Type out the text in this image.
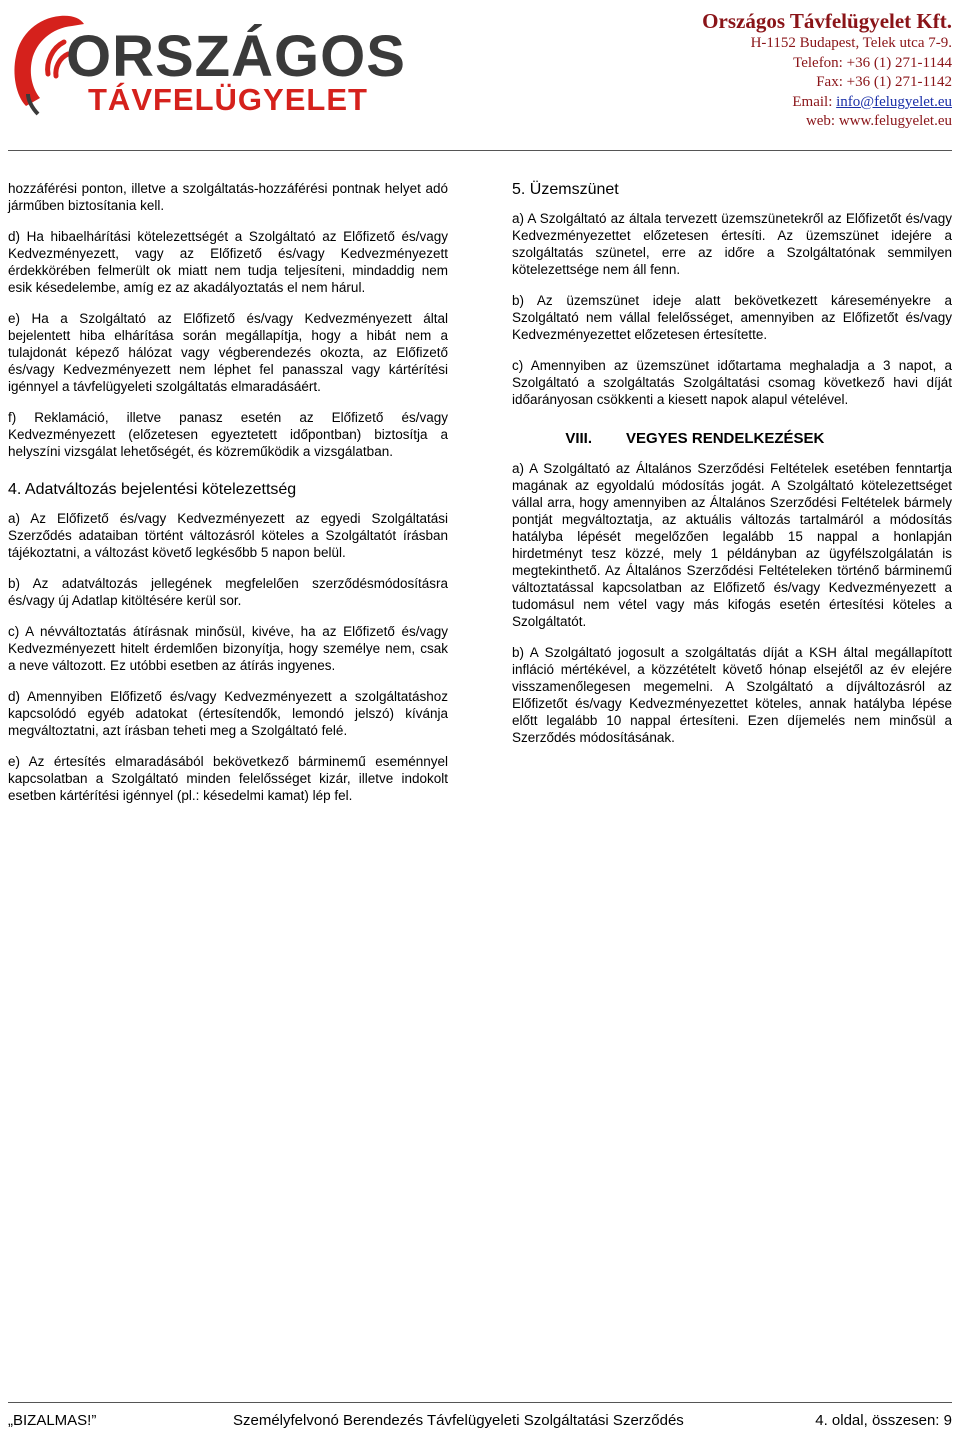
ORSZÁGOS
TÁVFELÜGYELET
Országos Távfelügyelet Kft.
H-1152 Budapest, Telek utca 7-9.
Telefon: +36 (1) 271-1144
Fax: +36 (1) 271-1142
Email: info@felugyelet.eu
web: www.felugyelet.eu

hozzáférési ponton, illetve a szolgáltatás-hozzáférési pontnak helyet adó járműben biztosítania kell.

d) Ha hibaelhárítási kötelezettségét a Szolgáltató az Előfizető és/vagy Kedvezményezett, vagy az Előfizető és/vagy Kedvezményezett érdekkörében felmerült ok miatt nem tudja teljesíteni, mindaddig nem esik késedelembe, amíg ez az akadályoztatás el nem hárul.

e) Ha a Szolgáltató az Előfizető és/vagy Kedvezményezett által bejelentett hiba elhárítása során megállapítja, hogy a hibát nem a tulajdonát képező hálózat vagy végberendezés okozta, az Előfizető és/vagy Kedvezményezett nem léphet fel panasszal vagy kártérítési igénnyel a távfelügyeleti szolgáltatás elmaradásáért.

f) Reklamáció, illetve panasz esetén az Előfizető és/vagy Kedvezményezett (előzetesen egyeztetett időpontban) biztosítja a helyszíni vizsgálat lehetőségét, és közreműködik a vizsgálatban.

4. Adatváltozás bejelentési kötelezettség

a) Az Előfizető és/vagy Kedvezményezett az egyedi Szolgáltatási Szerződés adataiban történt változásról köteles a Szolgáltatót írásban tájékoztatni, a változást követő legkésőbb 5 napon belül.

b) Az adatváltozás jellegének megfelelően szerződésmódosításra és/vagy új Adatlap kitöltésére kerül sor.

c) A névváltoztatás átírásnak minősül, kivéve, ha az Előfizető és/vagy Kedvezményezett hitelt érdemlően bizonyítja, hogy személye nem, csak a neve változott. Ez utóbbi esetben az átírás ingyenes.

d) Amennyiben Előfizető és/vagy Kedvezményezett a szolgáltatáshoz kapcsolódó egyéb adatokat (értesítendők, lemondó jelszó) kívánja megváltoztatni, azt írásban teheti meg a Szolgáltató felé.

e) Az értesítés elmaradásából bekövetkező bárminemű eseménnyel kapcsolatban a Szolgáltató minden felelősséget kizár, illetve indokolt esetben kártérítési igénnyel (pl.: késedelmi kamat) lép fel.

5. Üzemszünet

a) A Szolgáltató az általa tervezett üzemszünetekről az Előfizetőt és/vagy Kedvezményezettet előzetesen értesíti. Az üzemszünet idejére a szolgáltatás szünetel, erre az időre a Szolgáltatónak semmilyen kötelezettsége nem áll fenn.

b) Az üzemszünet ideje alatt bekövetkezett káreseményekre a Szolgáltató nem vállal felelősséget, amennyiben az Előfizetőt és/vagy Kedvezményezettet előzetesen értesítette.

c) Amennyiben az üzemszünet időtartama meghaladja a 3 napot, a Szolgáltató a szolgáltatás Szolgáltatási csomag következő havi díját időarányosan csökkenti a kiesett napok alapul vételével.

VIII.	VEGYES RENDELKEZÉSEK

a) A Szolgáltató az Általános Szerződési Feltételek esetében fenntartja magának az egyoldalú módosítás jogát. A Szolgáltató kötelezettséget vállal arra, hogy amennyiben az Általános Szerződési Feltételek bármely pontját megváltoztatja, az aktuális változás tartalmáról a módosítás hatályba lépését megelőzően legalább 15 nappal a honlapján hirdetményt tesz közzé, mely 1 példányban az ügyfélszolgálatán is megtekinthető. Az Általános Szerződési Feltételeken történő bárminemű változtatással kapcsolatban az Előfizető és/vagy Kedvezményezett a tudomásul nem vétel vagy más kifogás esetén értesítési köteles a Szolgáltatót.

b) A Szolgáltató jogosult a szolgáltatás díját a KSH által megállapított infláció mértékével, a közzétételt követő hónap elsejétől az év elejére visszamenőlegesen megemelni. A Szolgáltató a díjváltozásról az Előfizetőt és/vagy Kedvezményezettet köteles, annak hatályba lépése előtt legalább 10 nappal értesíteni. Ezen díjemelés nem minősül a Szerződés módosításának.

„BIZALMAS!”	Személyfelvonó Berendezés Távfelügyeleti Szolgáltatási Szerződés	4. oldal, összesen: 9
